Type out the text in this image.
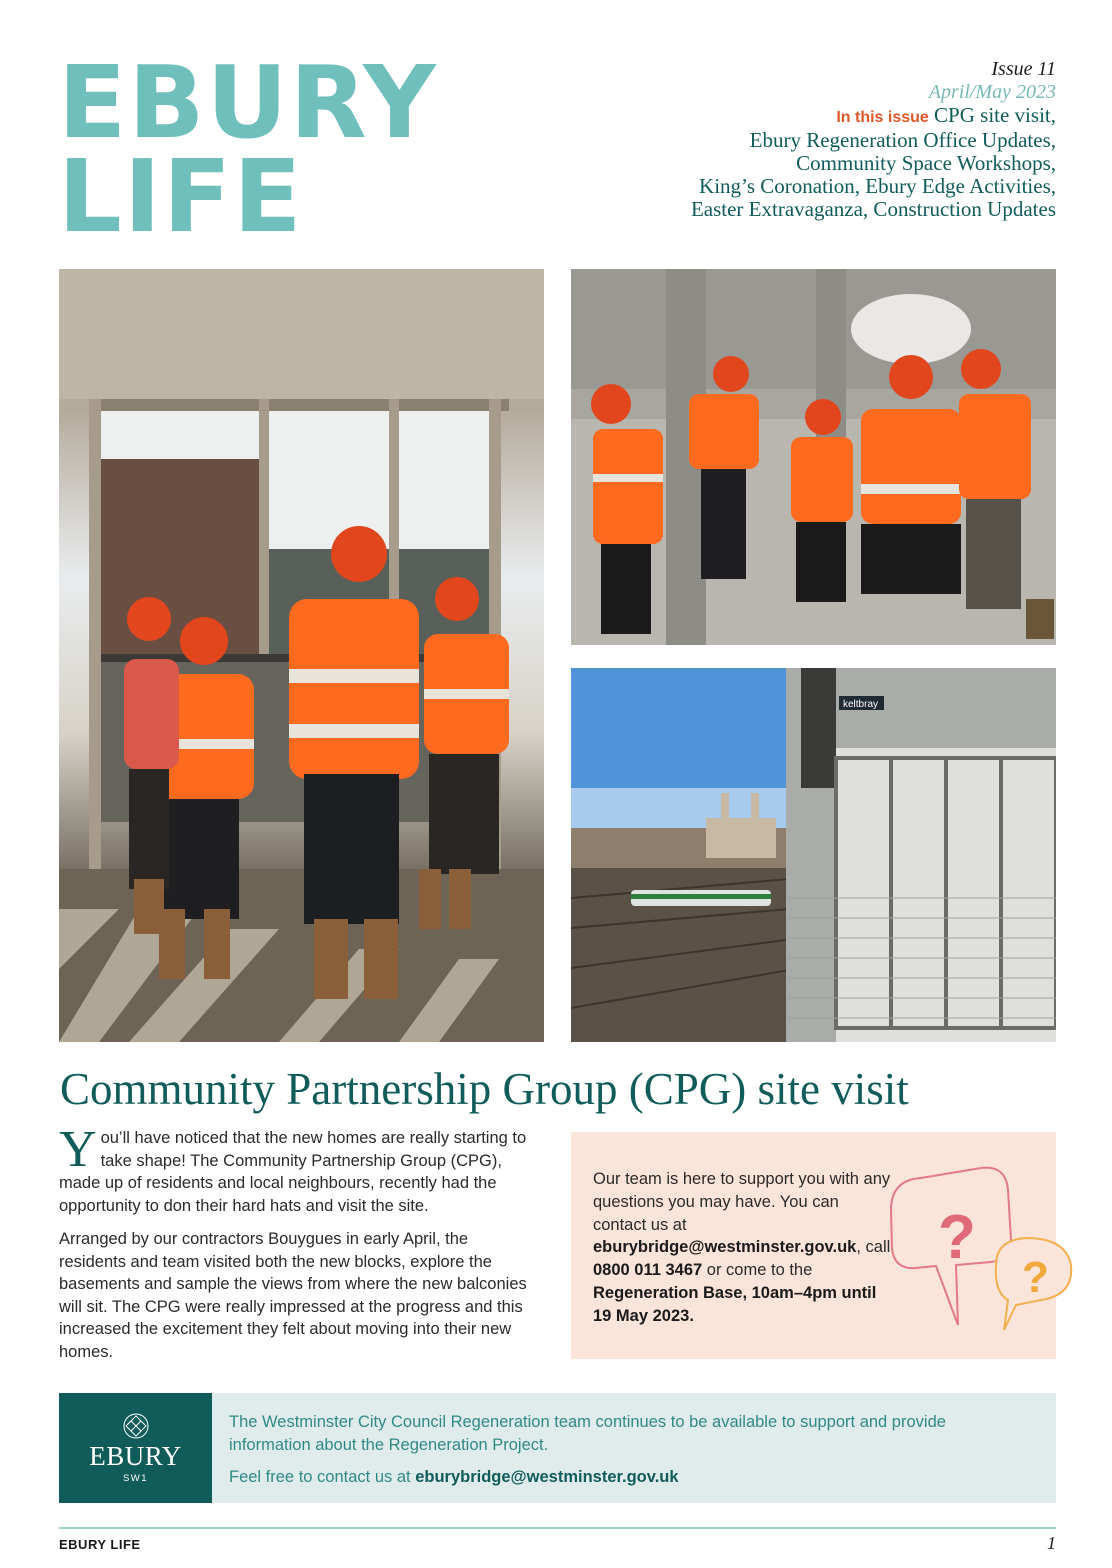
EBURY
LIFE
Issue 11
April/May 2023
In this issue CPG site visit,
Ebury Regeneration Office Updates,
Community Space Workshops,
King’s Coronation, Ebury Edge Activities,
Easter Extravaganza, Construction Updates
keltbray
Community Partnership Group (CPG) site visit

You’ll have noticed that the new homes are really starting to take shape! The Community Partnership Group (CPG), made up of residents and local neighbours, recently had the opportunity to don their hard hats and visit the site.

Arranged by our contractors Bouygues in early April, the residents and team visited both the new blocks, explore the basements and sample the views from where the new balconies will sit. The CPG were really impressed at the progress and this increased the excitement they felt about moving into their new homes.

Our team is here to support you with any questions you may have. You can contact us at eburybridge@westminster.gov.uk, call 0800 011 3467 or come to the Regeneration Base, 10am–4pm until 19 May 2023.
?
?
EBURY
SW1

The Westminster City Council Regeneration team continues to be available to support and provide information about the Regeneration Project.

Feel free to contact us at eburybridge@westminster.gov.uk

EBURY LIFE	1
